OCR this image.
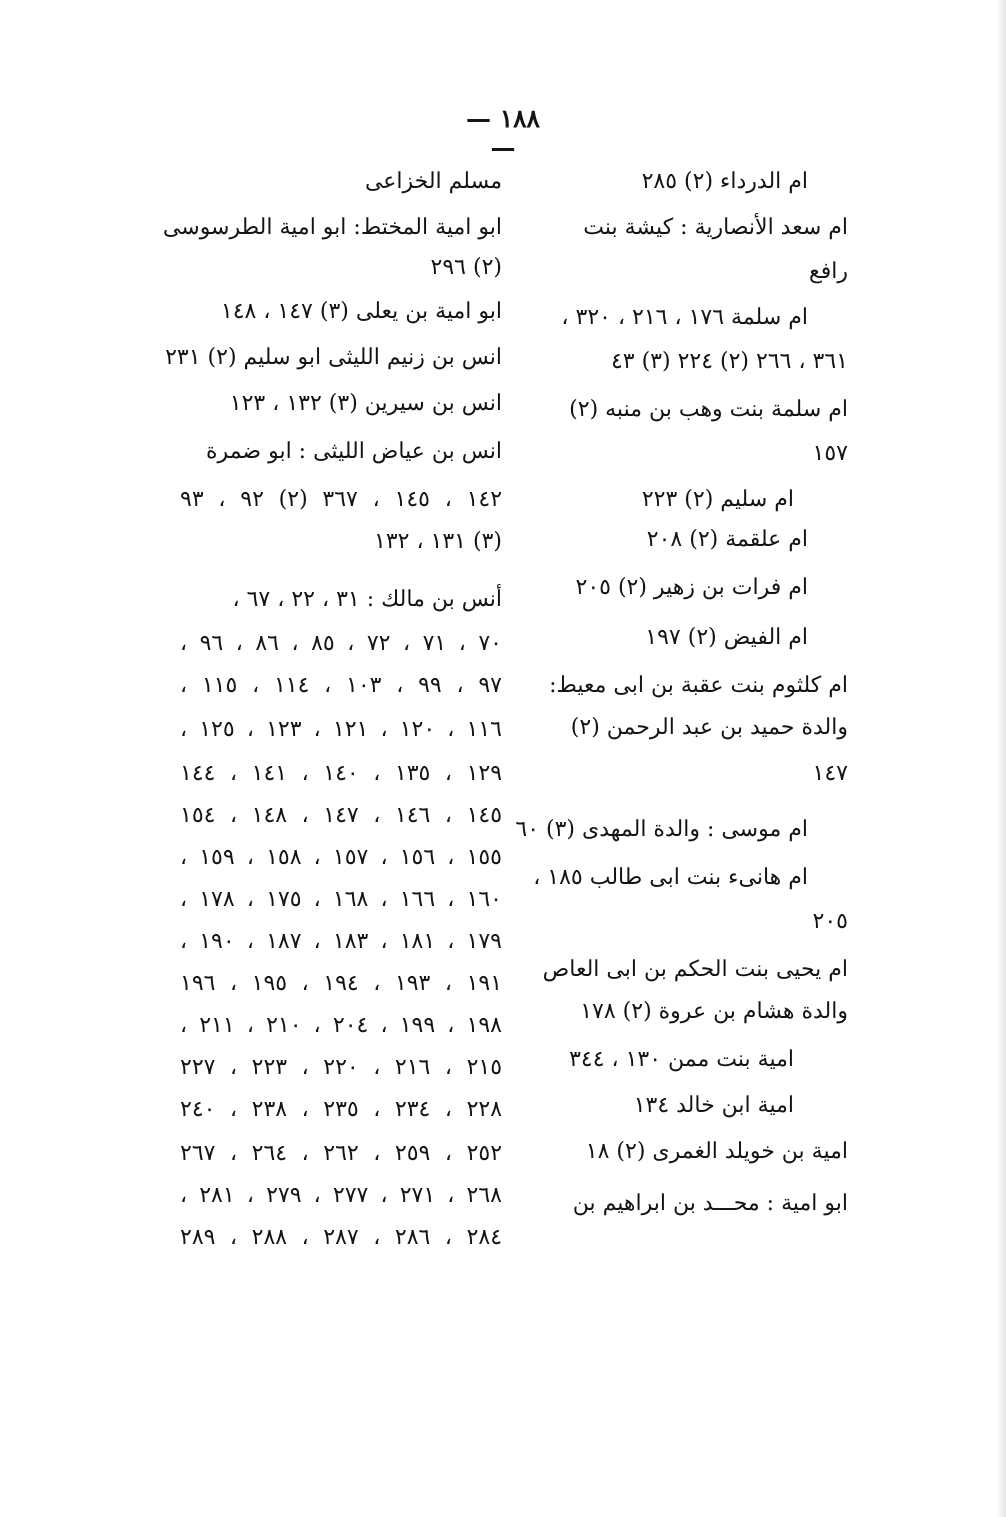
— ١٨٨ —
ام الدرداء (٢) ٢٨٥
ام سعد الأنصارية : كيشة بنت
رافع
ام سلمة ١٧٦ ، ٢١٦ ، ٣٢٠ ،
٣٦١ ، ٢٦٦ (٢) ٢٢٤ (٣) ٤٣
ام سلمة بنت وهب بن منبه (٢)
١٥٧
ام سليم (٢) ٢٢٣
ام علقمة (٢) ٢٠٨
ام فرات بن زهير (٢) ٢٠٥
ام الفيض (٢) ١٩٧
ام كلثوم بنت عقبة بن ابى معيط:
والدة حميد بن عبد الرحمن (٢)
١٤٧
ام موسى : والدة المهدى (٣) ٦٠
ام هانىء بنت ابى طالب ١٨٥ ،
٢٠٥
ام يحيى بنت الحكم بن ابى العاص
والدة هشام بن عروة (٢) ١٧٨
امية بنت ممن ١٣٠ ، ٣٤٤
امية ابن خالد ١٣٤
امية بن خويلد الغمرى (٢) ١٨
ابو امية : محـــد بن ابراهيم بن
مسلم الخزاعى
ابو امية المختط: ابو امية الطرسوسى
(٢) ٢٩٦
ابو امية بن يعلى (٣) ١٤٧ ، ١٤٨
انس بن زنيم الليثى ابو سليم (٢) ٢٣١
انس بن سيرين (٣) ١٣٢ ، ١٢٣
انس بن عياض الليثى : ابو ضمرة
١٤٢ ، ١٤٥ ، ٣٦٧ (٢) ٩٢ ، ٩٣
(٣) ١٣١ ، ١٣٢
أنس بن مالك : ٣١ ، ٢٢ ، ٦٧ ،
٧٠ ، ٧١ ، ٧٢ ، ٨٥ ، ٨٦ ، ٩٦ ،
٩٧ ، ٩٩ ، ١٠٣ ، ١١٤ ، ١١٥ ،
١١٦ ، ١٢٠ ، ١٢١ ، ١٢٣ ، ١٢٥ ،
١٢٩ ، ١٣٥ ، ١٤٠ ، ١٤١ ، ١٤٤
١٤٥ ، ١٤٦ ، ١٤٧ ، ١٤٨ ، ١٥٤
١٥٥ ، ١٥٦ ، ١٥٧ ، ١٥٨ ، ١٥٩ ،
١٦٠ ، ١٦٦ ، ١٦٨ ، ١٧٥ ، ١٧٨ ،
١٧٩ ، ١٨١ ، ١٨٣ ، ١٨٧ ، ١٩٠ ،
١٩١ ، ١٩٣ ، ١٩٤ ، ١٩٥ ، ١٩٦
١٩٨ ، ١٩٩ ، ٢٠٤ ، ٢١٠ ، ٢١١ ،
٢١٥ ، ٢١٦ ، ٢٢٠ ، ٢٢٣ ، ٢٢٧
٢٢٨ ، ٢٣٤ ، ٢٣٥ ، ٢٣٨ ، ٢٤٠
٢٥٢ ، ٢٥٩ ، ٢٦٢ ، ٢٦٤ ، ٢٦٧
٢٦٨ ، ٢٧١ ، ٢٧٧ ، ٢٧٩ ، ٢٨١ ،
٢٨٤ ، ٢٨٦ ، ٢٨٧ ، ٢٨٨ ، ٢٨٩
